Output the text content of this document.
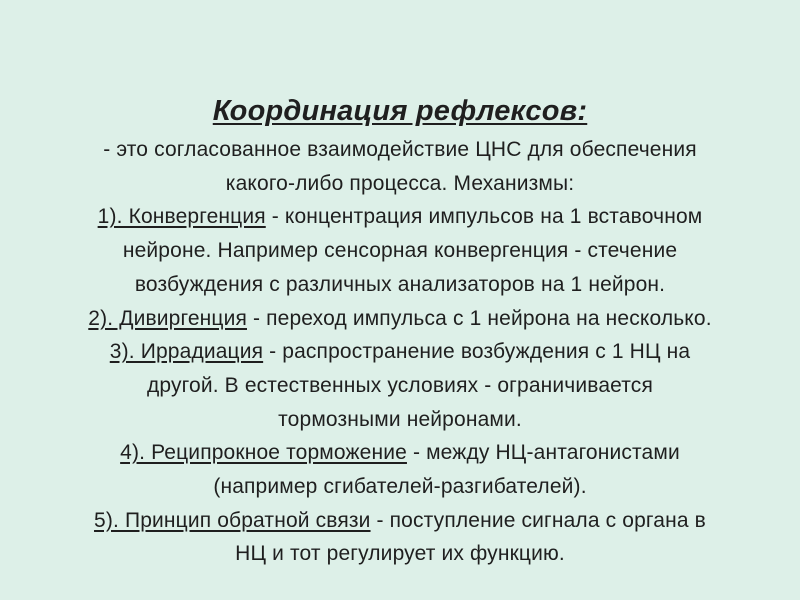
Координация рефлексов:
- это согласованное взаимодействие ЦНС для обеспечения
какого-либо процесса. Механизмы:
1). Конвергенция - концентрация импульсов на 1 вставочном
нейроне. Например сенсорная конвергенция - стечение
возбуждения с различных анализаторов на 1 нейрон.
2). Дивиргенция - переход импульса с 1 нейрона на несколько.
3). Иррадиация - распространение возбуждения с 1 НЦ на
другой. В естественных условиях - ограничивается
тормозными нейронами.
4). Реципрокное торможение - между НЦ-антагонистами
(например сгибателей-разгибателей).
5). Принцип обратной связи - поступление сигнала с органа в
НЦ и тот регулирует их функцию.
